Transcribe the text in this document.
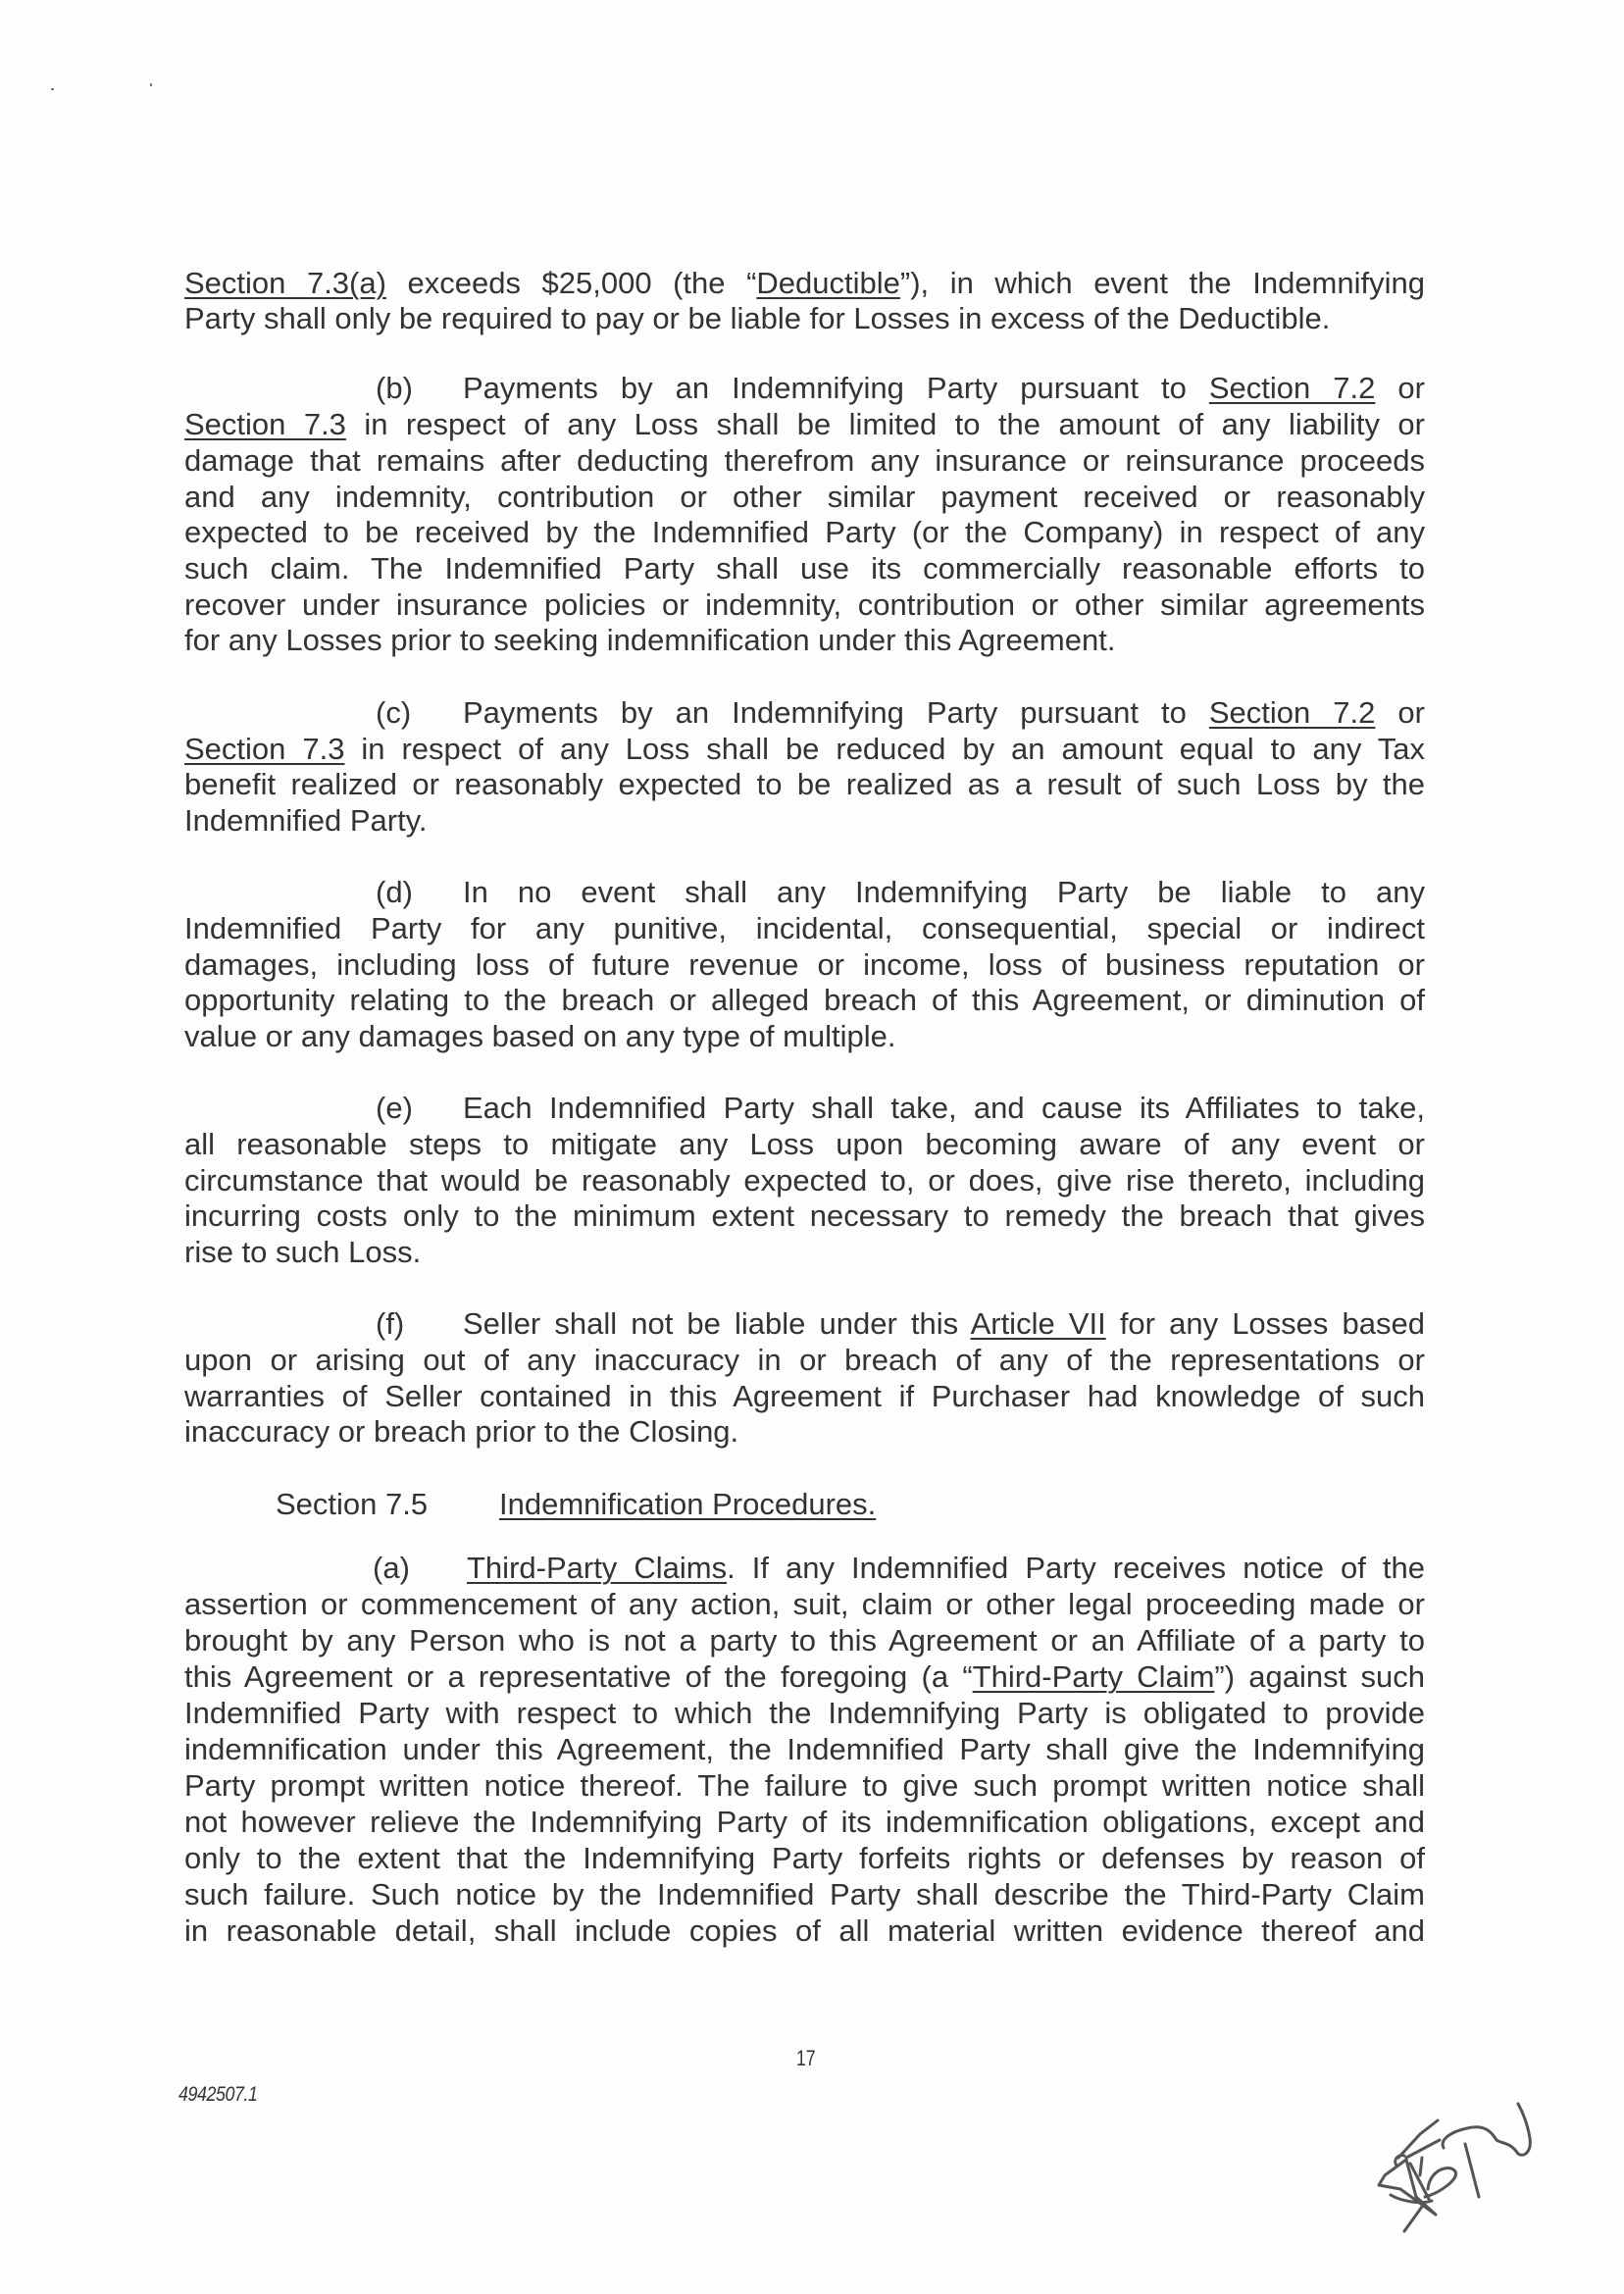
Section 7.3(a) exceeds $25,000 (the “Deductible”), in which event the Indemnifying
Party shall only be required to pay or be liable for Losses in excess of the Deductible.
(b) Payments by an Indemnifying Party pursuant to Section 7.2 or
Section 7.3 in respect of any Loss shall be limited to the amount of any liability or
damage that remains after deducting therefrom any insurance or reinsurance proceeds
and any indemnity, contribution or other similar payment received or reasonably
expected to be received by the Indemnified Party (or the Company) in respect of any
such claim. The Indemnified Party shall use its commercially reasonable efforts to
recover under insurance policies or indemnity, contribution or other similar agreements
for any Losses prior to seeking indemnification under this Agreement.
(c) Payments by an Indemnifying Party pursuant to Section 7.2 or
Section 7.3 in respect of any Loss shall be reduced by an amount equal to any Tax
benefit realized or reasonably expected to be realized as a result of such Loss by the
Indemnified Party.
(d) In no event shall any Indemnifying Party be liable to any
Indemnified Party for any punitive, incidental, consequential, special or indirect
damages, including loss of future revenue or income, loss of business reputation or
opportunity relating to the breach or alleged breach of this Agreement, or diminution of
value or any damages based on any type of multiple.
(e) Each Indemnified Party shall take, and cause its Affiliates to take,
all reasonable steps to mitigate any Loss upon becoming aware of any event or
circumstance that would be reasonably expected to, or does, give rise thereto, including
incurring costs only to the minimum extent necessary to remedy the breach that gives
rise to such Loss.
(f) Seller shall not be liable under this Article VII for any Losses based
upon or arising out of any inaccuracy in or breach of any of the representations or
warranties of Seller contained in this Agreement if Purchaser had knowledge of such
inaccuracy or breach prior to the Closing.
Section 7.5 Indemnification Procedures.
(a) Third-Party Claims. If any Indemnified Party receives notice of the
assertion or commencement of any action, suit, claim or other legal proceeding made or
brought by any Person who is not a party to this Agreement or an Affiliate of a party to
this Agreement or a representative of the foregoing (a “Third-Party Claim”) against such
Indemnified Party with respect to which the Indemnifying Party is obligated to provide
indemnification under this Agreement, the Indemnified Party shall give the Indemnifying
Party prompt written notice thereof. The failure to give such prompt written notice shall
not however relieve the Indemnifying Party of its indemnification obligations, except and
only to the extent that the Indemnifying Party forfeits rights or defenses by reason of
such failure. Such notice by the Indemnified Party shall describe the Third-Party Claim
in reasonable detail, shall include copies of all material written evidence thereof and
17
4942507.1
